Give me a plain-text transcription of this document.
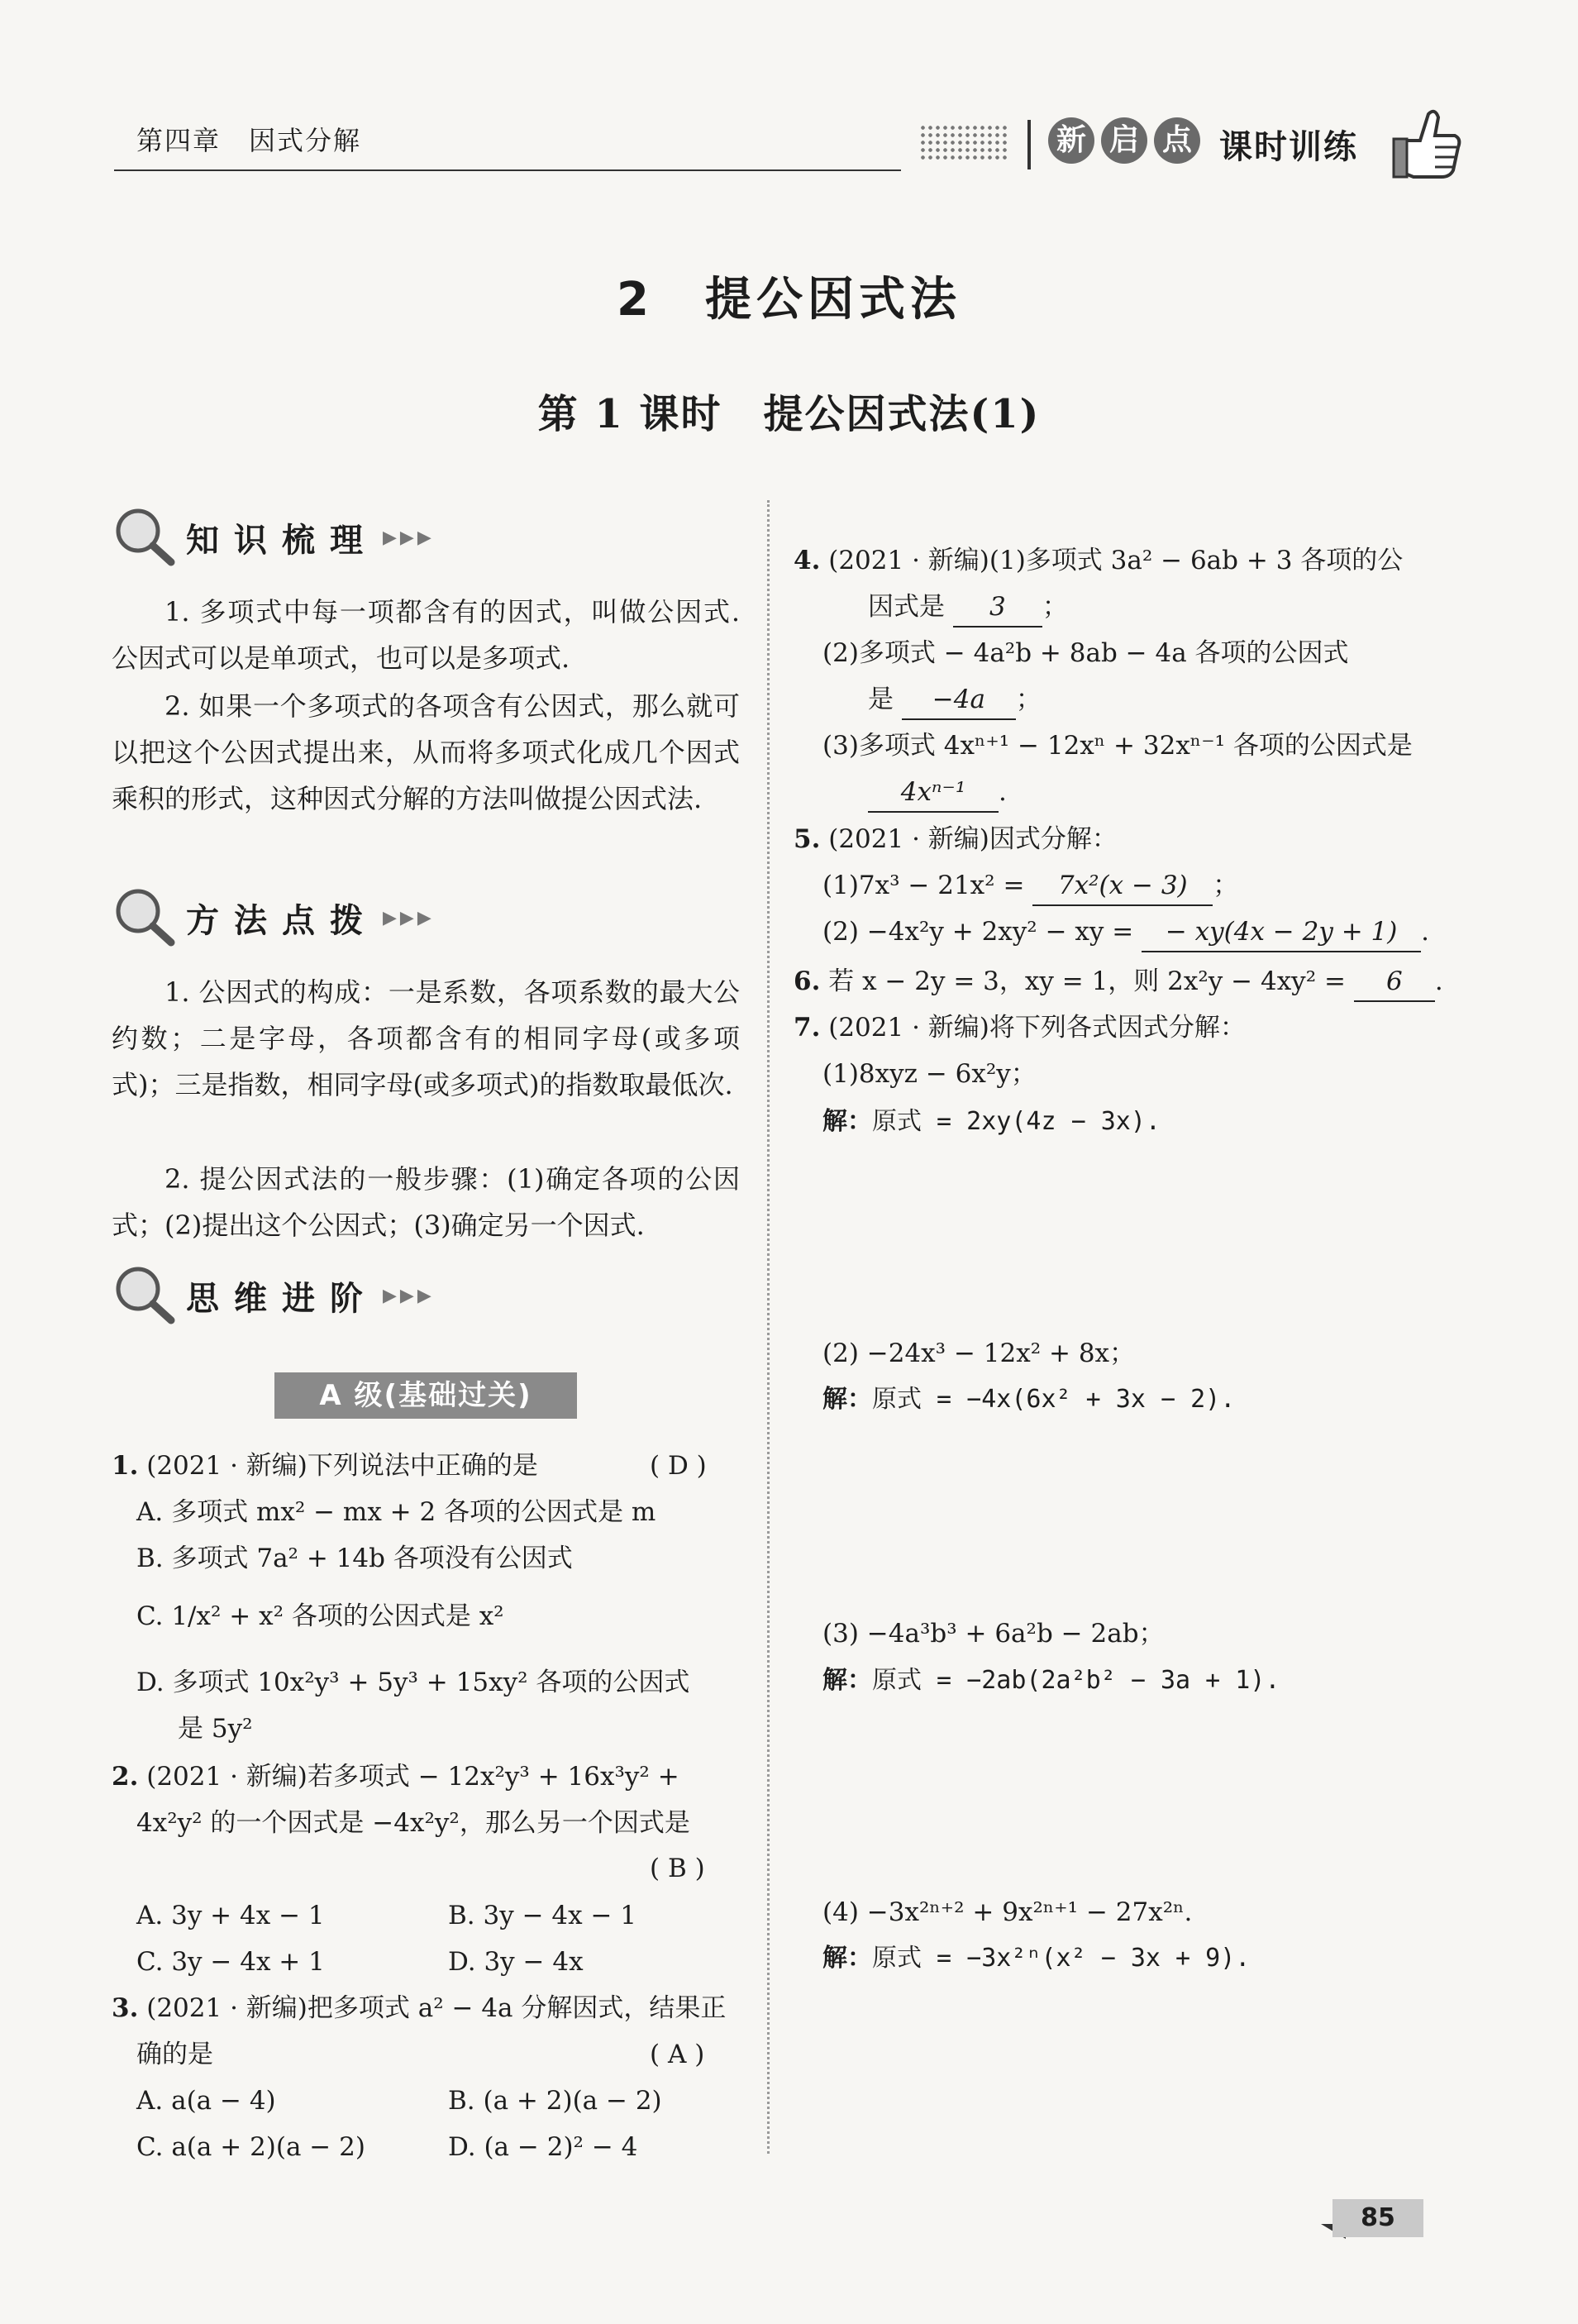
第四章　因式分解	新 启 点 课时训练
2　提公因式法
第 1 课时　提公因式法(1)
知识梳理 ▶▶▶
1. 多项式中每一项都含有的因式，叫做公因式. 公因式可以是单项式，也可以是多项式.
2. 如果一个多项式的各项含有公因式，那么就可以把这个公因式提出来，从而将多项式化成几个因式乘积的形式，这种因式分解的方法叫做提公因式法.
方法点拨 ▶▶▶
1. 公因式的构成：一是系数，各项系数的最大公约数；二是字母，各项都含有的相同字母(或多项式)；三是指数，相同字母(或多项式)的指数取最低次.
2. 提公因式法的一般步骤：(1)确定各项的公因式；(2)提出这个公因式；(3)确定另一个因式.
思维进阶 ▶▶▶
A 级(基础过关)
1. (2021 · 新编)下列说法中正确的是	( D )
A. 多项式 mx² − mx + 2 各项的公因式是 m
B. 多项式 7a² + 14b 各项没有公因式
C. 1/x² + x² 各项的公因式是 x²
D. 多项式 10x²y³ + 5y³ + 15xy² 各项的公因式
是 5y²
2. (2021 · 新编)若多项式 − 12x²y³ + 16x³y² +
4x²y² 的一个因式是 −4x²y²，那么另一个因式是
( B )
A. 3y + 4x − 1	B. 3y − 4x − 1
C. 3y − 4x + 1	D. 3y − 4x
3. (2021 · 新编)把多项式 a² − 4a 分解因式，结果正
确的是	( A )
A. a(a − 4)	B. (a + 2)(a − 2)
C. a(a + 2)(a − 2)	D. (a − 2)² − 4
4. (2021 · 新编)(1)多项式 3a² − 6ab + 3 各项的公
因式是 3 ；
(2)多项式 − 4a²b + 8ab − 4a 各项的公因式
是 −4a ；
(3)多项式 4xⁿ⁺¹ − 12xⁿ + 32xⁿ⁻¹ 各项的公因式是
4xⁿ⁻¹ .
5. (2021 · 新编)因式分解：
(1)7x³ − 21x² = 7x²(x − 3) ；
(2) −4x²y + 2xy² − xy = − xy(4x − 2y + 1) .
6. 若 x − 2y = 3，xy = 1，则 2x²y − 4xy² = 6 .
7. (2021 · 新编)将下列各式因式分解：
(1)8xyz − 6x²y；
解：原式 = 2xy(4z − 3x).
(2) −24x³ − 12x² + 8x；
解：原式 = −4x(6x² + 3x − 2).
(3) −4a³b³ + 6a²b − 2ab；
解：原式 = −2ab(2a²b² − 3a + 1).
(4) −3x²ⁿ⁺² + 9x²ⁿ⁺¹ − 27x²ⁿ.
解：原式 = −3x²ⁿ(x² − 3x + 9).
85
